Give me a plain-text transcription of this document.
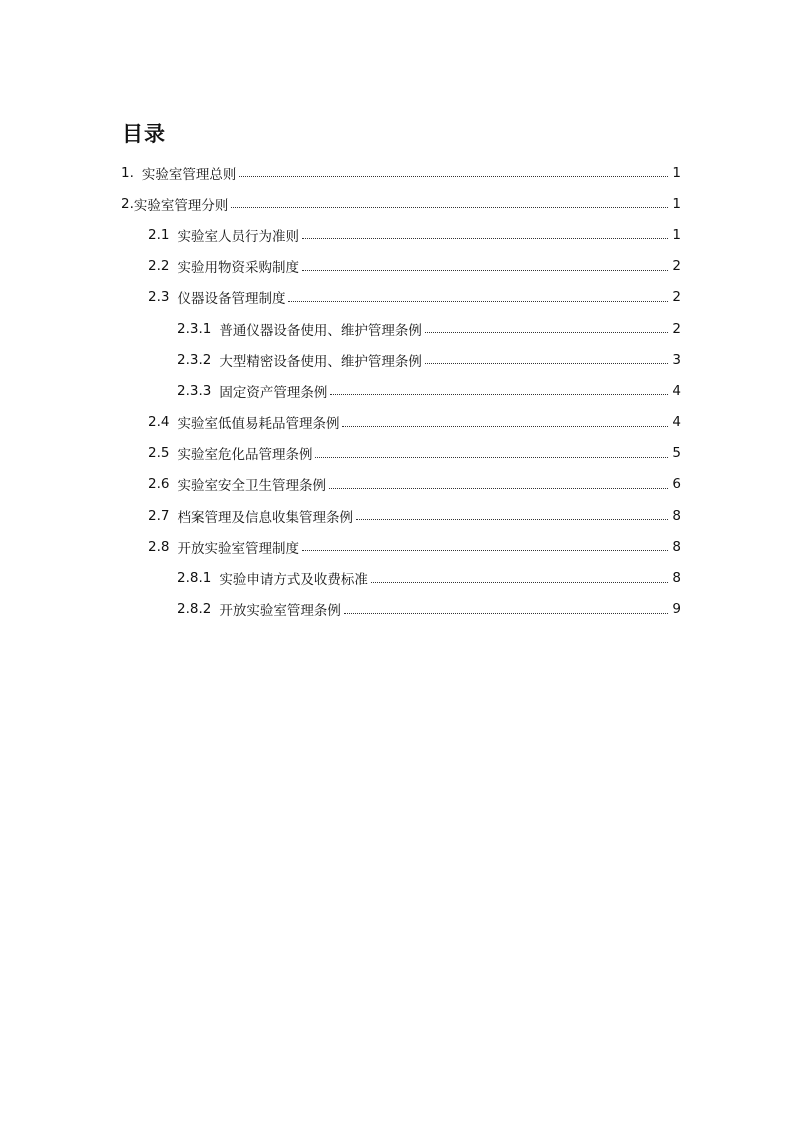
目录
1. 实验室管理总则	1
2. 实验室管理分则	1
2.1 实验室人员行为准则	1
2.2 实验用物资采购制度	2
2.3 仪器设备管理制度	2
2.3.1 普通仪器设备使用、维护管理条例	2
2.3.2 大型精密设备使用、维护管理条例	3
2.3.3 固定资产管理条例	4
2.4 实验室低值易耗品管理条例	4
2.5 实验室危化品管理条例	5
2.6 实验室安全卫生管理条例	6
2.7 档案管理及信息收集管理条例	8
2.8 开放实验室管理制度	8
2.8.1 实验申请方式及收费标准	8
2.8.2 开放实验室管理条例	9
